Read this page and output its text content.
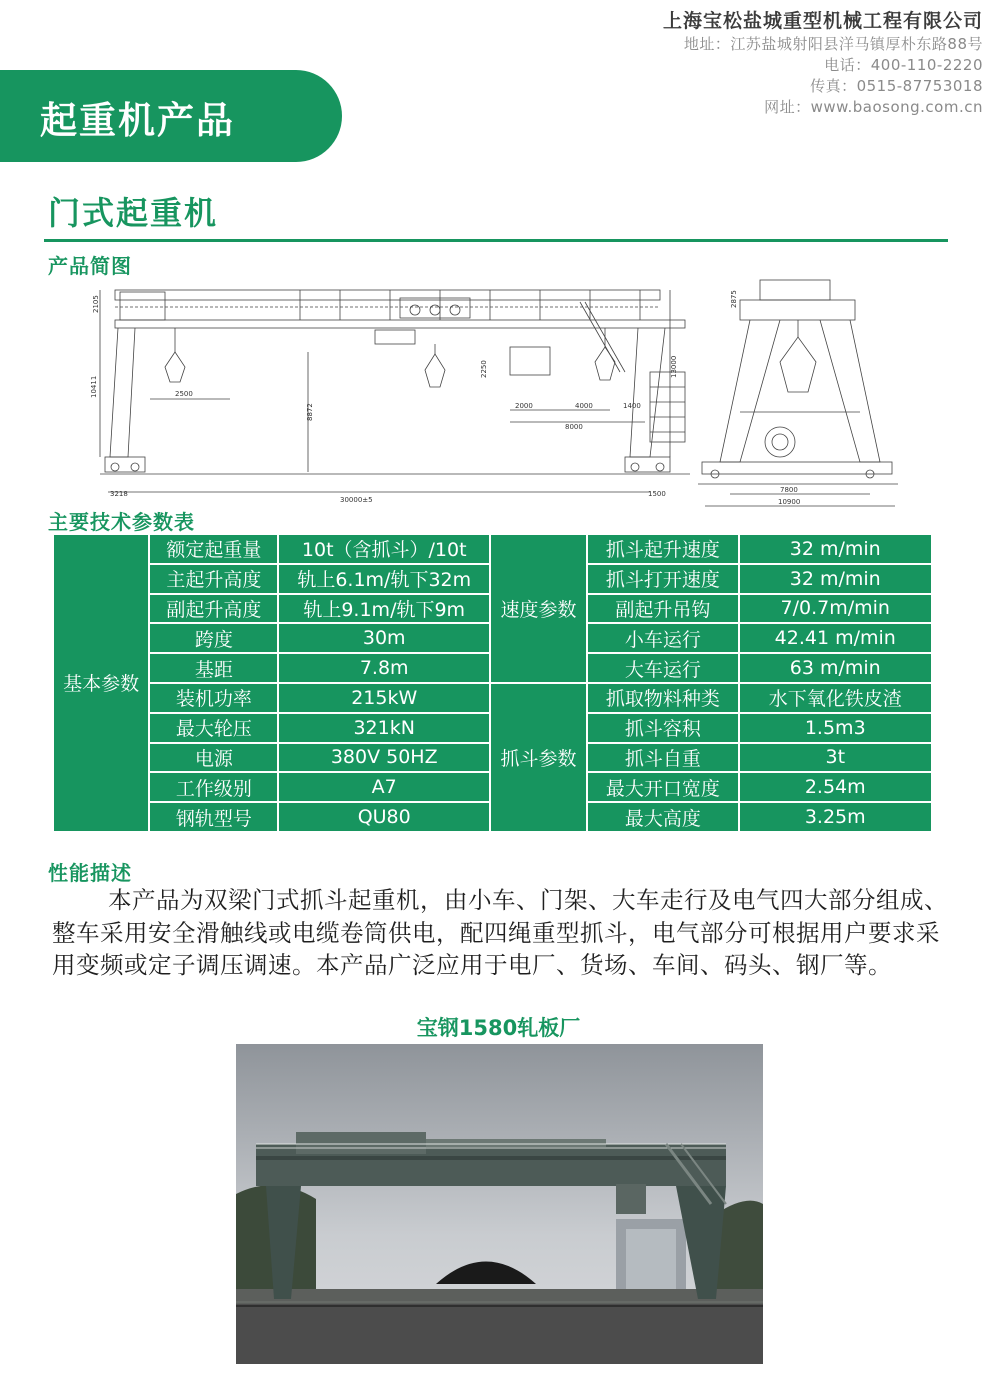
上海宝松盐城重型机械工程有限公司
地址：江苏盐城射阳县洋马镇厚朴东路88号
电话：400-110-2220
传真：0515-87753018
网址：www.baosong.com.cn
起重机产品
门式起重机
产品简图
30000±5
2500
2000	4000
8000
1400
1500
3218
10411
8872
13000
2250
2105	2875
7800
10900
主要技术参数表
基本参数	额定起重量	10t（含抓斗）/10t	速度参数	抓斗起升速度	32 m/min
	主起升高度	轨上6.1m/轨下32m		抓斗打开速度	32 m/min
	副起升高度	轨上9.1m/轨下9m		副起升吊钩	7/0.7m/min
	跨度	30m		小车运行	42.41 m/min
	基距	7.8m		大车运行	63 m/min
	装机功率	215kW	抓斗参数	抓取物料种类	水下氧化铁皮渣
	最大轮压	321kN		抓斗容积	1.5m3
	电源	380V 50HZ		抓斗自重	3t
	工作级别	A7		最大开口宽度	2.54m
	钢轨型号	QU80		最大高度	3.25m
性能描述
本产品为双梁门式抓斗起重机，由小车、门架、大车走行及电气四大部分组成、整车采用安全滑触线或电缆卷筒供电，配四绳重型抓斗，电气部分可根据用户要求采用变频或定子调压调速。本产品广泛应用于电厂、货场、车间、码头、钢厂等。
宝钢1580轧板厂
